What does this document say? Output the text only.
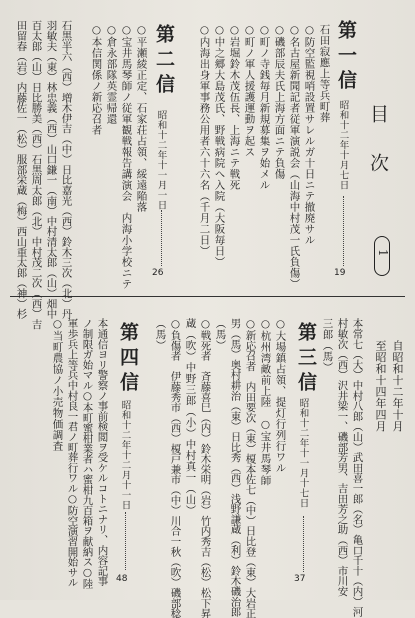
目次
1
自昭和十二年十月
至昭和十四年四月
第一信
昭和十二年十月七日
19
石田寂應上等兵町葬
○防空監視哨設置サレルガ十日ニテ撤廃サル
○名古屋新聞記者従軍演説会（山海中村茂一氏負傷）
○磯部辰夫氏上海方面ニテ負傷
○町ノ寺銭毎月新規募集ヲ始メル
○町ノ軍人援護運動ヲ起ス
○岩堀鈴木茂伍長、上海ニテ戦死
○中之郷大島茂氏、野戦病院へ入院（大阪毎日）
○内海出身軍事務公用者六十六名（千月二日）
第二信
昭和十二年十一月一日
26
○平瀬綾正定、石家荘占領、綏遠陥落
○宝井馬琴師ノ従軍観戦報告講演会　内海小学校ニテ
○倉永部隊英霊帰還
○本信関係ノ新応召者
石黒半六（西）増木伊吉（中）日比嘉光（西）鈴木三次（北）丹
羽敏夫（東）林忠義（西）山口鎌一（南）中村清太郎（山）畑中
百太郎（山）日比勝美（西）石黒周太郎（北）中村茂二次（西）吉
田留春（岩）内藤佐一（松）服部栄蔵（梅）西山重太郎（神）杉
本常七（大）中村八郎（山）武田喜一郎（名）亀口千十（内）河
村敏次（西）沢井梁一、磯部芳男、吉田芳之助（西）市川安
三郎（馬）
第三信
昭和十二年十一月十七日
37
○大場鎮占領、提灯行列行ワル
○杭州湾敵前上陸　○宝井馬琴師
○新応召者　内田要次（東）榎本佐七（中）日比登（東）大岩正
男（馬）奥村耕治（東）日比秀（西）浅野謙蔵（利）鈴木磯治郎
（馬）
○戦死者　斉藤喜巳（内）鈴木栄明（岩）竹内秀吉（松）松下昇
蔵（吹）中野三郎（小）中村真一（山）
○負傷者　伊藤秀市（西）榎戸兼市（中）川合一秋（吹）磯部稔
（馬）
第四信
昭和十二年十二月十一日
48
本通信ヨリ警察ノ事前検閲ヲ受ケルコトニナリ、内容記事
ノ制限ガ始マル○本町蜜柑業者ハ蜜柑九百箱ヲ献納ス○陸
軍歩兵上等兵中村良一君ノ町葬行ワル○防空演習開始サル
○当町農協ノ小売物価調査
